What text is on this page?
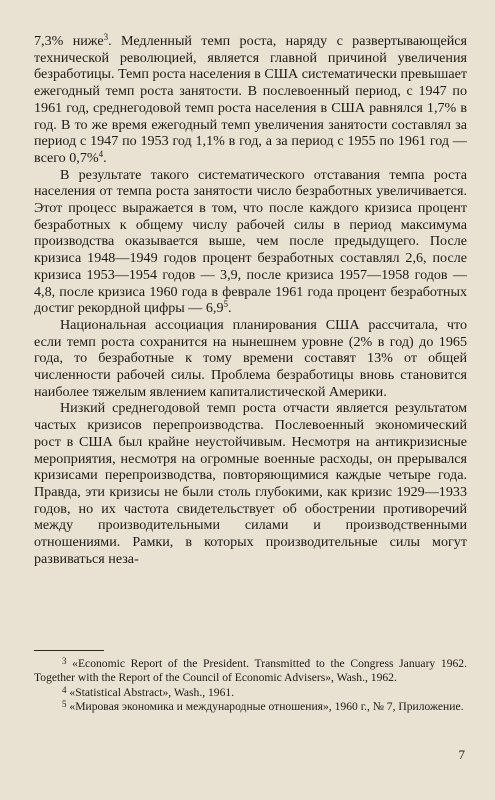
7,3% ниже$^3$. Медленный темп роста, наряду с развертывающейся технической революцией, является главной причиной увеличения безработицы. Темп роста населения в США систематически превышает ежегодный темп роста занятости. В послевоенный период, с 1947 по 1961 год, среднегодовой темп роста населения в США равнялся 1,7% в год. В то же время ежегодный темп увеличения занятости составлял за период с 1947 по 1953 год 1,1% в год, а за период с 1955 по 1961 год — всего 0,7%$^4$.

В результате такого систематического отставания темпа роста населения от темпа роста занятости число безработных увеличивается. Этот процесс выражается в том, что после каждого кризиса процент безработных к общему числу рабочей силы в период максимума производства оказывается выше, чем после предыдущего. После кризиса 1948—1949 годов процент безработных составлял 2,6, после кризиса 1953—1954 годов — 3,9, после кризиса 1957—1958 годов — 4,8, после кризиса 1960 года в феврале 1961 года процент безработных достиг рекордной цифры — $6,9^5$.

Национальная ассоциация планирования США рассчитала, что если темп роста сохранится на нынешнем уровне (2% в год) до 1965 года, то безработные к тому времени составят 13% от общей численности рабочей силы. Проблема безработицы вновь становится наиболее тяжелым явлением капиталистической Америки.

Низкий среднегодовой темп роста отчасти является результатом частых кризисов перепроизводства. Послевоенный экономический рост в США был крайне неустойчивым. Несмотря на антикризисные мероприятия, несмотря на огромные военные расходы, он прерывался кризисами перепроизводства, повторяющимися каждые четыре года. Правда, эти кризисы не были столь глубокими, как кризис 1929—1933 годов, но их частота свидетельствует об обострении противоречий между производительными силами и производственными отношениями. Рамки, в которых производительные силы могут развиваться неза-

$^3$ «Economic Report of the President. Transmitted to the Congress January 1962. Together with the Report of the Council of Economic Advisers», Wash., 1962.

$^4$ «Statistical Abstract», Wash., 1961.

$^5$ «Мировая экономика и международные отношения», 1960 г., № 7, Приложение.

7
